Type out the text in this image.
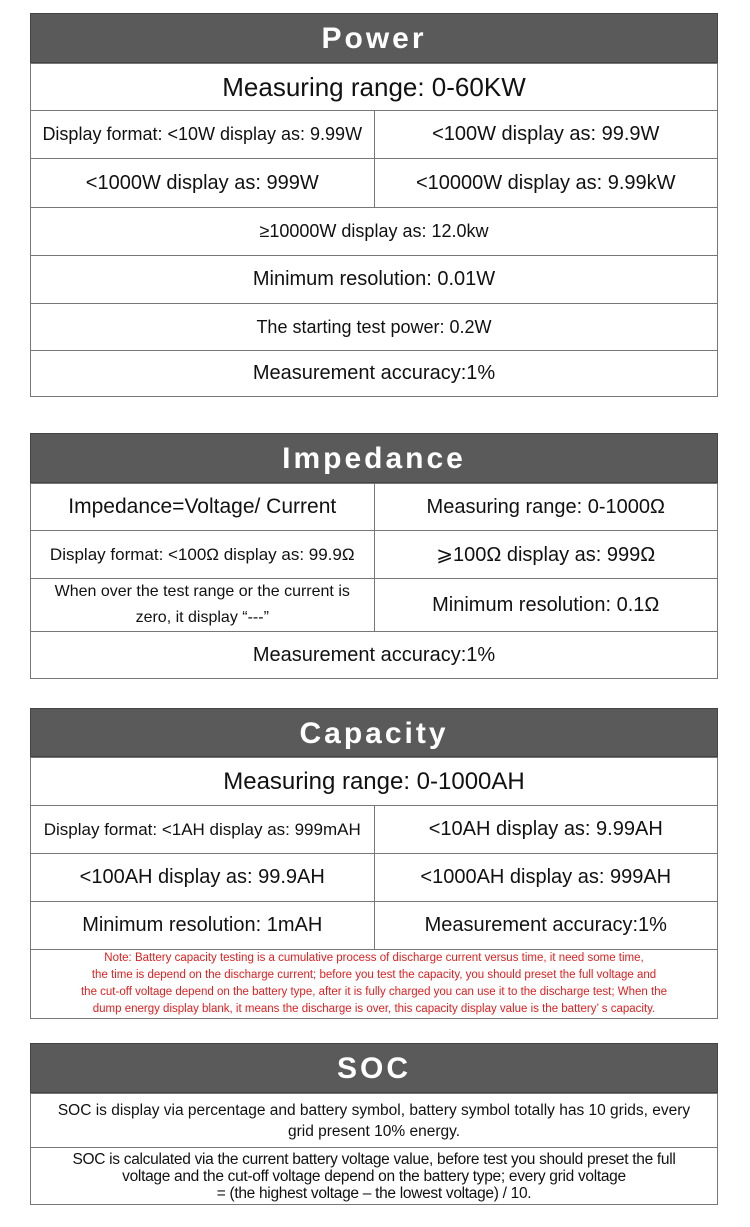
Power
Measuring range: 0-60KW	
Display format: <10W display as: 9.99W	<100W display as: 99.9W
<1000W display as: 999W	<10000W display as: 9.99kW
≥10000W display as: 12.0kw	
Minimum resolution: 0.01W	
The starting test power: 0.2W	
Measurement accuracy:1%	
Impedance
Impedance=Voltage/ Current	Measuring range: 0-1000Ω
Display format: <100Ω display as: 99.9Ω	⩾100Ω display as: 999Ω

When over the test range or the current is
zero, it display “---”	Minimum resolution: 0.1Ω
Measurement accuracy:1%	
Capacity
Measuring range: 0-1000AH	
Display format: <1AH display as: 999mAH	<10AH display as: 9.99AH
<100AH display as: 99.9AH	<1000AH display as: 999AH
Minimum resolution: 1mAH	Measurement accuracy:1%

Note: Battery capacity testing is a cumulative process of discharge current versus time, it need some time,
the time is depend on the discharge current; before you test the capacity, you should preset the full voltage and
the cut-off voltage depend on the battery type, after it is fully charged you can use it to the discharge test; When the
dump energy display blank, it means the discharge is over, this capacity display value is the battery’ s capacity.	
SOC
SOC is display via percentage and battery symbol, battery symbol totally has 10 grids, every
grid present 10% energy.

SOC is calculated via the current battery voltage value, before test you should preset the full
voltage and the cut-off voltage depend on the battery type; every grid voltage
= (the highest voltage – the lowest voltage) / 10.
